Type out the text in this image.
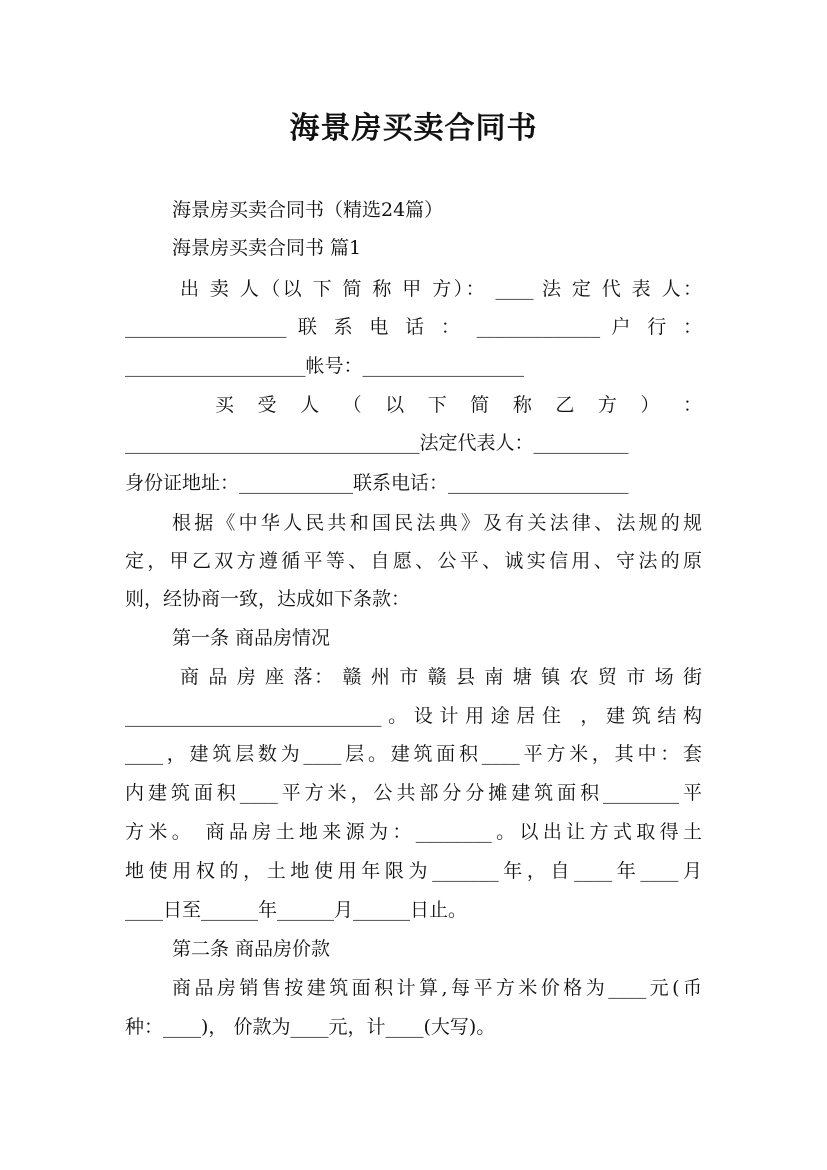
海景房买卖合同书
海景房买卖合同书（精选24篇）
海景房买卖合同书 篇1
出 卖 人（以 下 简 称 甲 方）： ____ 法 定 代 表 人：
_________________ 联 系 电 话 ： _____________ 户 行 ：
___________________帐号：_________________
买 受 人 （ 以 下 简 称 乙 方 ） ：
_______________________________法定代表人：__________
身份证地址：____________联系电话：___________________
根据《中华人民共和国民法典》及有关法律、法规的规
定，甲乙双方遵循平等、自愿、公平、诚实信用、守法的原
则，经协商一致，达成如下条款：
第一条 商品房情况
商 品 房 座 落： 赣 州 市 赣 县 南 塘 镇 农 贸 市 场 街
___________________________。设计用途居住 ，建筑结构
____，建筑层数为____层。建筑面积____平方米，其中：套
内建筑面积____平方米，公共部分分摊建筑面积________平
方米。 商品房土地来源为：________。以出让方式取得土
地使用权的，土地使用年限为_______年，自____年____月
____日至______年______月______日止。
第二条 商品房价款
商品房销售按建筑面积计算,每平方米价格为____元(币
种：____)， 价款为____元，计____(大写)。
